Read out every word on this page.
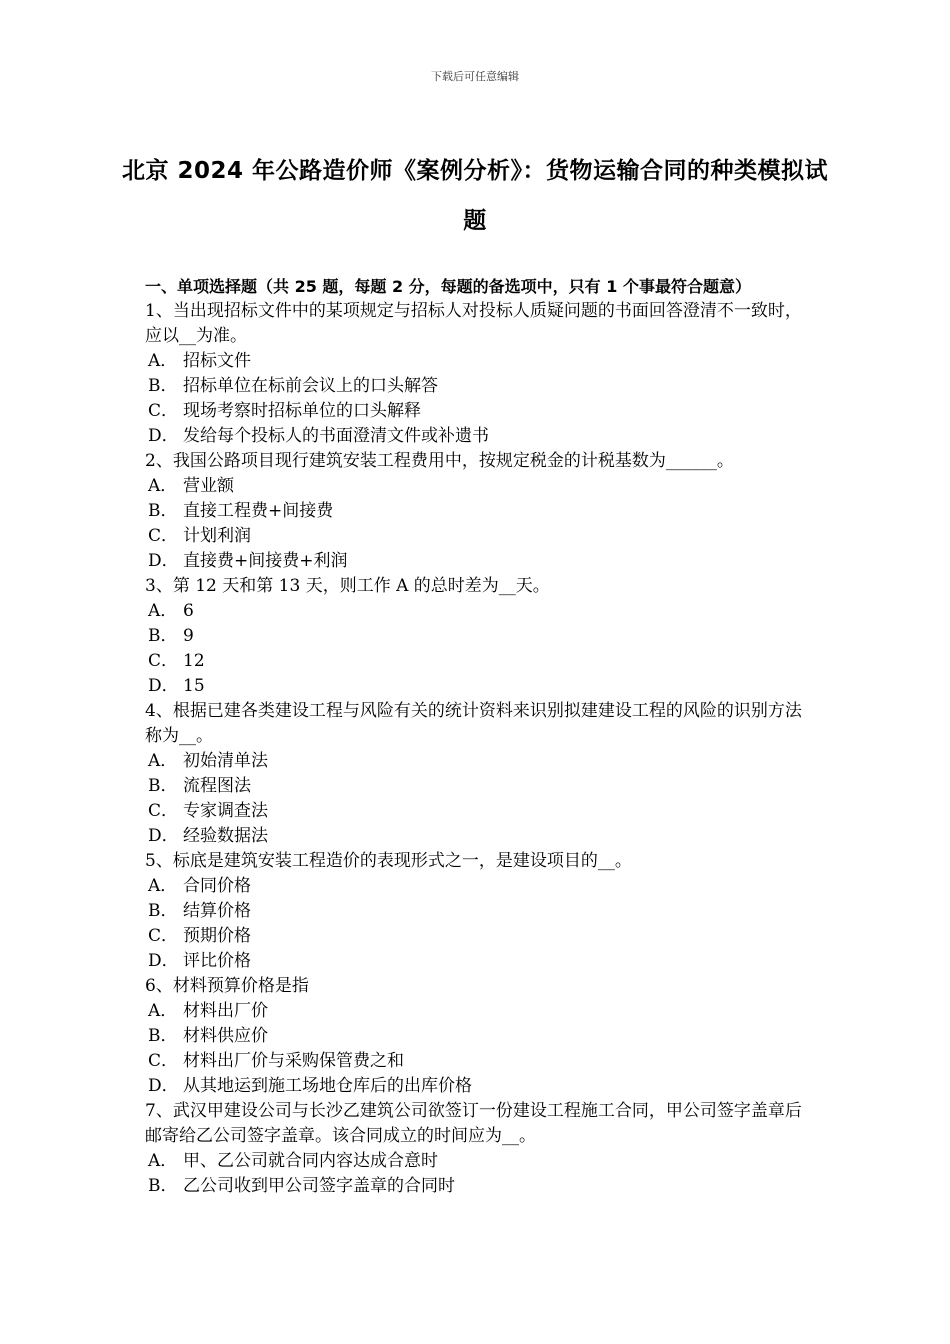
下载后可任意编辑
北京 2024 年公路造价师《案例分析》：货物运输合同的种类模拟试题
一、单项选择题（共 25 题，每题 2 分，每题的备选项中，只有 1 个事最符合题意）

1、当出现招标文件中的某项规定与招标人对投标人质疑问题的书面回答澄清不一致时，应以__为准。

A． 招标文件
B． 招标单位在标前会议上的口头解答
C． 现场考察时招标单位的口头解释
D． 发给每个投标人的书面澄清文件或补遗书

2、我国公路项目现行建筑安装工程费用中，按规定税金的计税基数为______。

A． 营业额
B． 直接工程费+间接费
C． 计划利润
D． 直接费+间接费+利润

3、第 12 天和第 13 天，则工作 A 的总时差为__天。

A． 6
B． 9
C． 12
D． 15

4、根据已建各类建设工程与风险有关的统计资料来识别拟建建设工程的风险的识别方法称为__。

A． 初始清单法
B． 流程图法
C． 专家调查法
D． 经验数据法

5、标底是建筑安装工程造价的表现形式之一，是建设项目的__。

A． 合同价格
B． 结算价格
C． 预期价格
D． 评比价格

6、材料预算价格是指

A． 材料出厂价
B． 材料供应价
C． 材料出厂价与采购保管费之和
D． 从其地运到施工场地仓库后的出库价格

7、武汉甲建设公司与长沙乙建筑公司欲签订一份建设工程施工合同，甲公司签字盖章后邮寄给乙公司签字盖章。该合同成立的时间应为__。

A． 甲、乙公司就合同内容达成合意时
B． 乙公司收到甲公司签字盖章的合同时
